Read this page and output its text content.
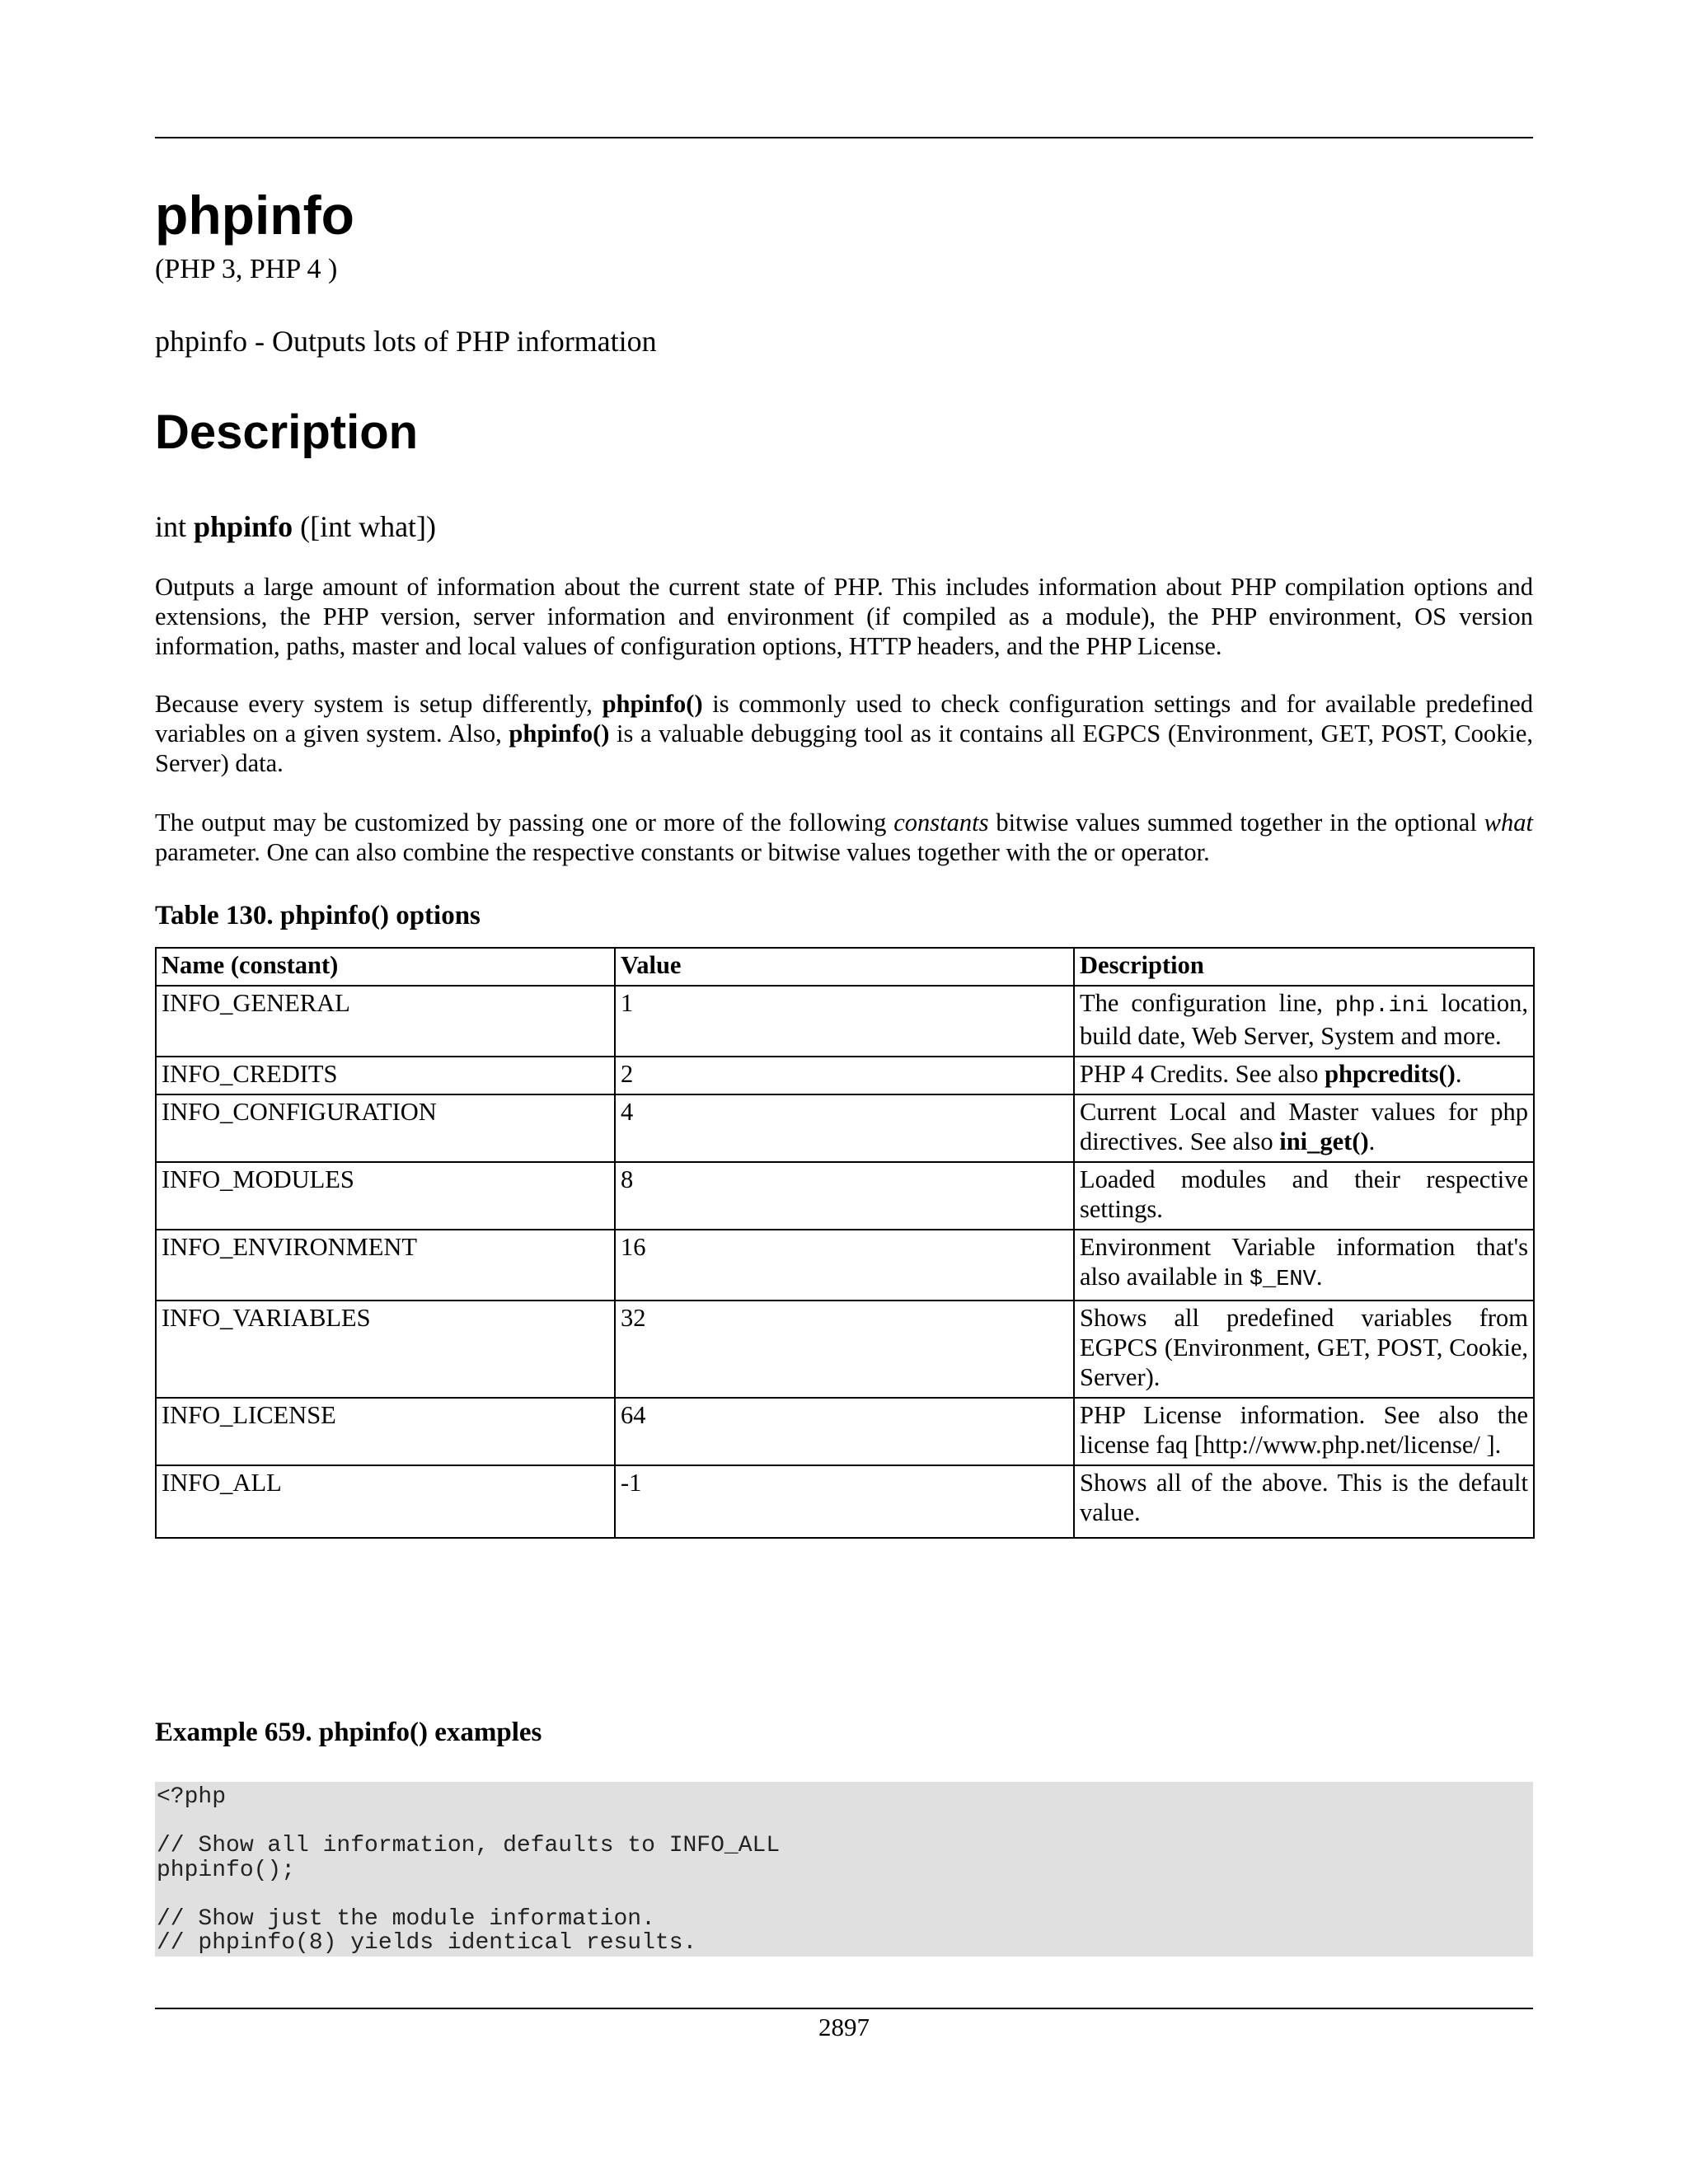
phpinfo
(PHP 3, PHP 4 )
phpinfo - Outputs lots of PHP information
Description
int phpinfo ([int what])

Outputs a large amount of information about the current state of PHP. This includes information about PHP compilation options and extensions, the PHP version, server information and environment (if compiled as a module), the PHP environment, OS version information, paths, master and local values of configuration options, HTTP headers, and the PHP License.

Because every system is setup differently, phpinfo() is commonly used to check configuration settings and for available predefined variables on a given system. Also, phpinfo() is a valuable debugging tool as it contains all EGPCS (Environment, GET, POST, Cookie, Server) data.

The output may be customized by passing one or more of the following constants bitwise values summed together in the optional what parameter. One can also combine the respective constants or bitwise values together with the or operator.

Table 130. phpinfo() options
Name (constant)	Value	Description
INFO_GENERAL	1	The configuration line, php.ini location, build date, Web Server, System and more.
INFO_CREDITS	2	PHP 4 Credits. See also phpcredits().
INFO_CONFIGURATION	4	Current Local and Master values for php directives. See also ini_get().
INFO_MODULES	8	Loaded modules and their respective settings.
INFO_ENVIRONMENT	16	Environment Variable information that's also available in $_ENV.
INFO_VARIABLES	32	Shows all predefined variables from EGPCS (Environment, GET, POST, Cookie, Server).
INFO_LICENSE	64	PHP License information. See also the license faq [http://www.php.net/license/ ].
INFO_ALL	-1	Shows all of the above. This is the default value.
Example 659. phpinfo() examples
<?php
// Show all information, defaults to INFO_ALL
phpinfo();
// Show just the module information.
// phpinfo(8) yields identical results.
2897
